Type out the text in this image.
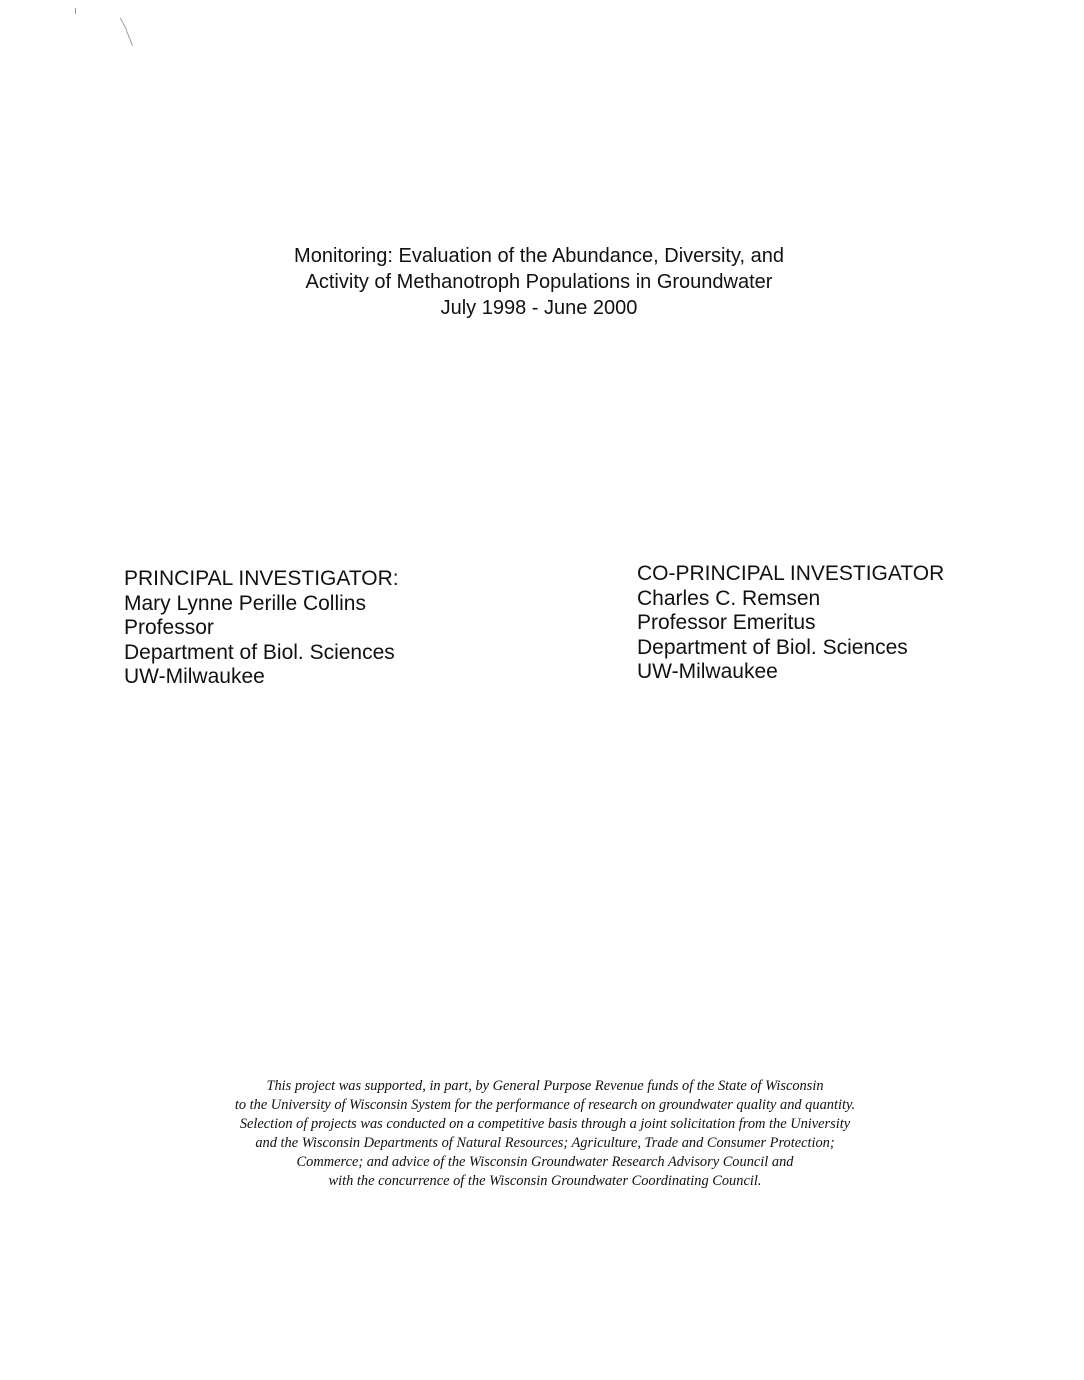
Monitoring: Evaluation of the Abundance, Diversity, and
Activity of Methanotroph Populations in Groundwater
July 1998 - June 2000
PRINCIPAL INVESTIGATOR:
Mary Lynne Perille Collins
Professor
Department of Biol. Sciences
UW-Milwaukee
CO-PRINCIPAL INVESTIGATOR
Charles C. Remsen
Professor Emeritus
Department of Biol. Sciences
UW-Milwaukee
This project was supported, in part, by General Purpose Revenue funds of the State of Wisconsin
to the University of Wisconsin System for the performance of research on groundwater quality and quantity.
Selection of projects was conducted on a competitive basis through a joint solicitation from the University
and the Wisconsin Departments of Natural Resources; Agriculture, Trade and Consumer Protection;
Commerce; and advice of the Wisconsin Groundwater Research Advisory Council and
with the concurrence of the Wisconsin Groundwater Coordinating Council.
